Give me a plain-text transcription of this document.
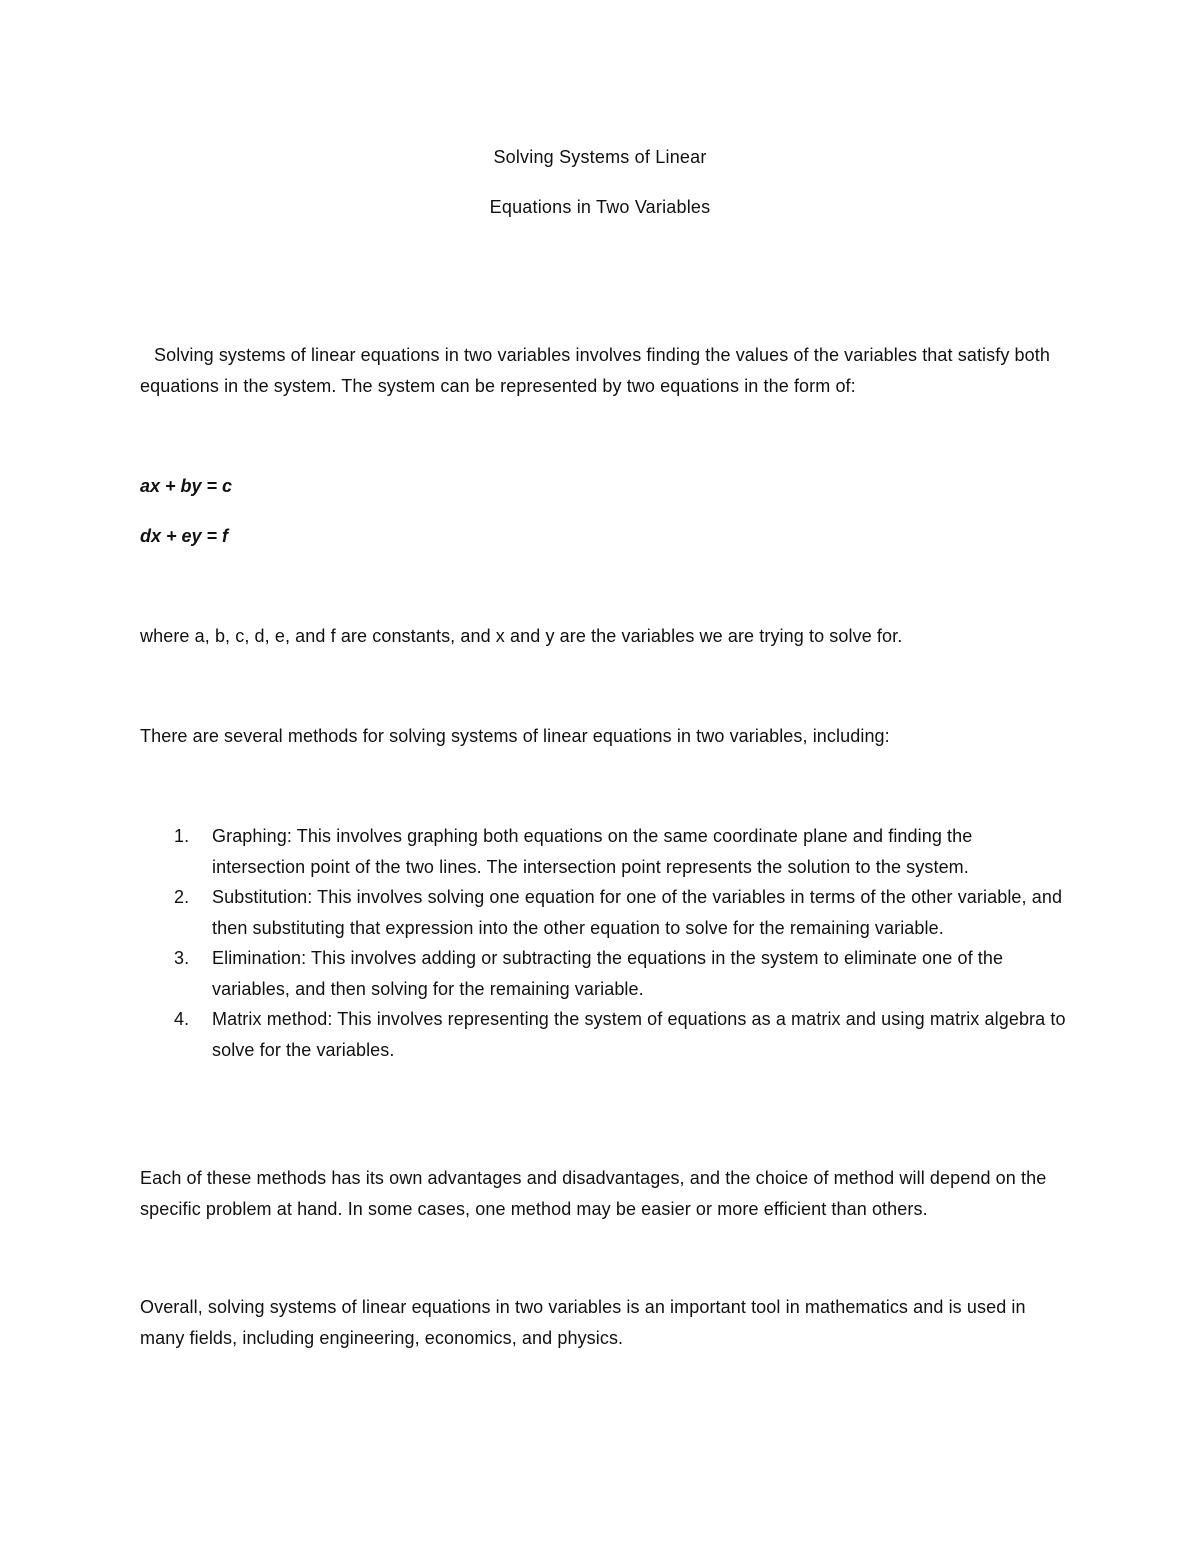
Solving Systems of Linear
Equations in Two Variables
Solving systems of linear equations in two variables involves finding the values of the variables that satisfy both equations in the system. The system can be represented by two equations in the form of:
ax + by = c
dx + ey = f
where a, b, c, d, e, and f are constants, and x and y are the variables we are trying to solve for.
There are several methods for solving systems of linear equations in two variables, including:
1. Graphing: This involves graphing both equations on the same coordinate plane and finding the intersection point of the two lines. The intersection point represents the solution to the system.
2. Substitution: This involves solving one equation for one of the variables in terms of the other variable, and then substituting that expression into the other equation to solve for the remaining variable.
3. Elimination: This involves adding or subtracting the equations in the system to eliminate one of the variables, and then solving for the remaining variable.
4. Matrix method: This involves representing the system of equations as a matrix and using matrix algebra to solve for the variables.
Each of these methods has its own advantages and disadvantages, and the choice of method will depend on the specific problem at hand. In some cases, one method may be easier or more efficient than others.
Overall, solving systems of linear equations in two variables is an important tool in mathematics and is used in many fields, including engineering, economics, and physics.
